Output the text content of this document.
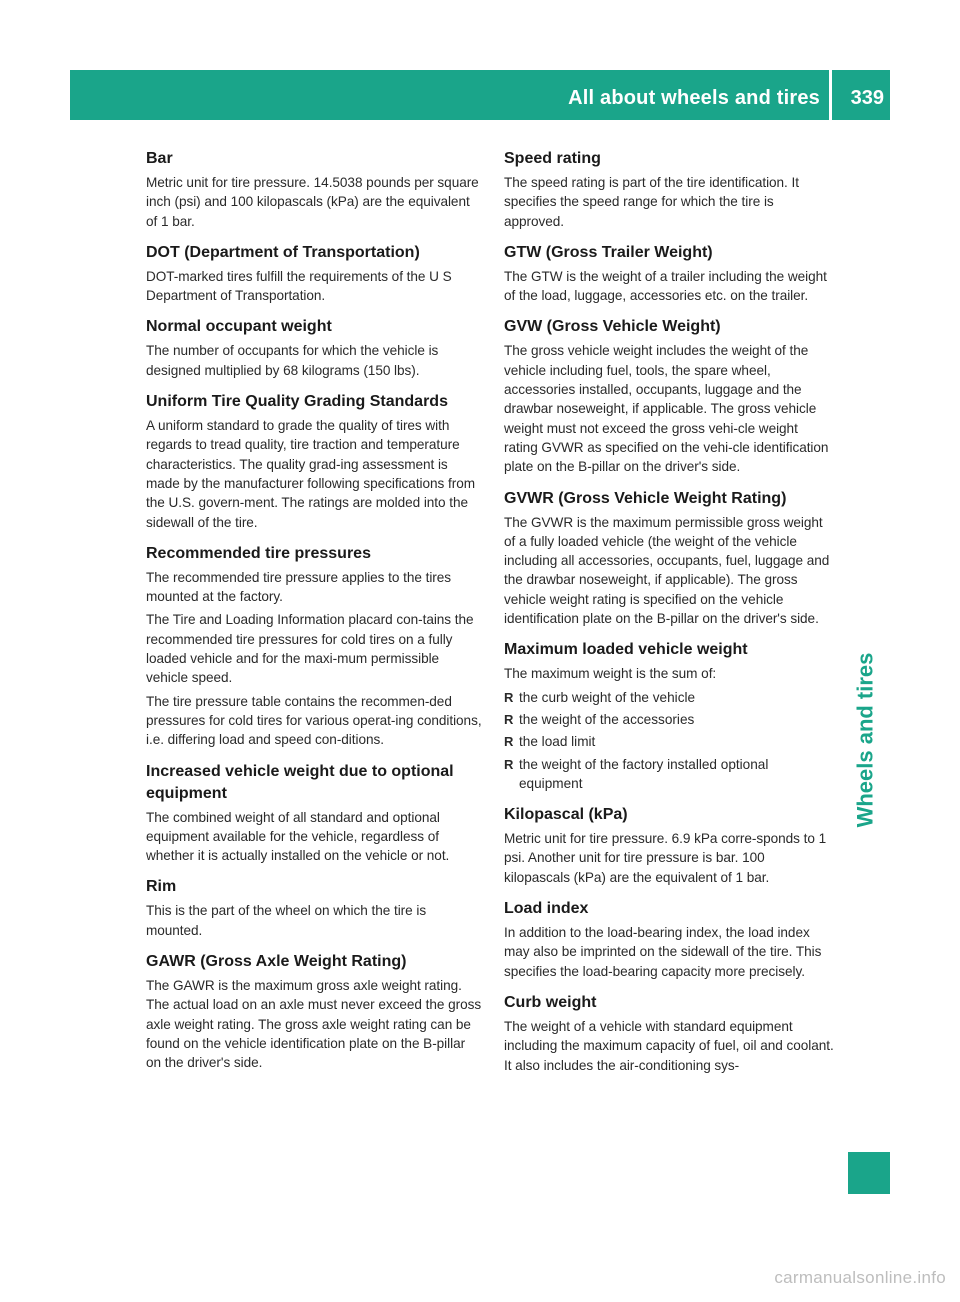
All about wheels and tires 339
Wheels and tires
Bar

Metric unit for tire pressure. 14.5038 pounds per square inch (psi) and 100 kilopascals (kPa) are the equivalent of 1 bar.

DOT (Department of Transportation)

DOT-marked tires fulfill the requirements of the U S Department of Transportation.

Normal occupant weight

The number of occupants for which the vehicle is designed multiplied by 68 kilograms (150 lbs).

Uniform Tire Quality Grading Standards

A uniform standard to grade the quality of tires with regards to tread quality, tire traction and temperature characteristics. The quality grad-ing assessment is made by the manufacturer following specifications from the U.S. govern-ment. The ratings are molded into the sidewall of the tire.

Recommended tire pressures

The recommended tire pressure applies to the tires mounted at the factory.

The Tire and Loading Information placard con-tains the recommended tire pressures for cold tires on a fully loaded vehicle and for the maxi-mum permissible vehicle speed.

The tire pressure table contains the recommen-ded pressures for cold tires for various operat-ing conditions, i.e. differing load and speed con-ditions.

Increased vehicle weight due to optional equipment

The combined weight of all standard and optional equipment available for the vehicle, regardless of whether it is actually installed on the vehicle or not.

Rim

This is the part of the wheel on which the tire is mounted.

GAWR (Gross Axle Weight Rating)

The GAWR is the maximum gross axle weight rating. The actual load on an axle must never exceed the gross axle weight rating. The gross axle weight rating can be found on the vehicle identification plate on the B-pillar on the driver's side.

Speed rating

The speed rating is part of the tire identification. It specifies the speed range for which the tire is approved.

GTW (Gross Trailer Weight)

The GTW is the weight of a trailer including the weight of the load, luggage, accessories etc. on the trailer.

GVW (Gross Vehicle Weight)

The gross vehicle weight includes the weight of the vehicle including fuel, tools, the spare wheel, accessories installed, occupants, luggage and the drawbar noseweight, if applicable. The gross vehicle weight must not exceed the gross vehi-cle weight rating GVWR as specified on the vehi-cle identification plate on the B-pillar on the driver's side.

GVWR (Gross Vehicle Weight Rating)

The GVWR is the maximum permissible gross weight of a fully loaded vehicle (the weight of the vehicle including all accessories, occupants, fuel, luggage and the drawbar noseweight, if applicable). The gross vehicle weight rating is specified on the vehicle identification plate on the B-pillar on the driver's side.

Maximum loaded vehicle weight

The maximum weight is the sum of:

R the curb weight of the vehicle
R the weight of the accessories
R the load limit
R the weight of the factory installed optional equipment
Kilopascal (kPa)

Metric unit for tire pressure. 6.9 kPa corre-sponds to 1 psi. Another unit for tire pressure is bar. 100 kilopascals (kPa) are the equivalent of 1 bar.

Load index

In addition to the load-bearing index, the load index may also be imprinted on the sidewall of the tire. This specifies the load-bearing capacity more precisely.

Curb weight

The weight of a vehicle with standard equipment including the maximum capacity of fuel, oil and coolant. It also includes the air-conditioning sys-

carmanualsonline.info
